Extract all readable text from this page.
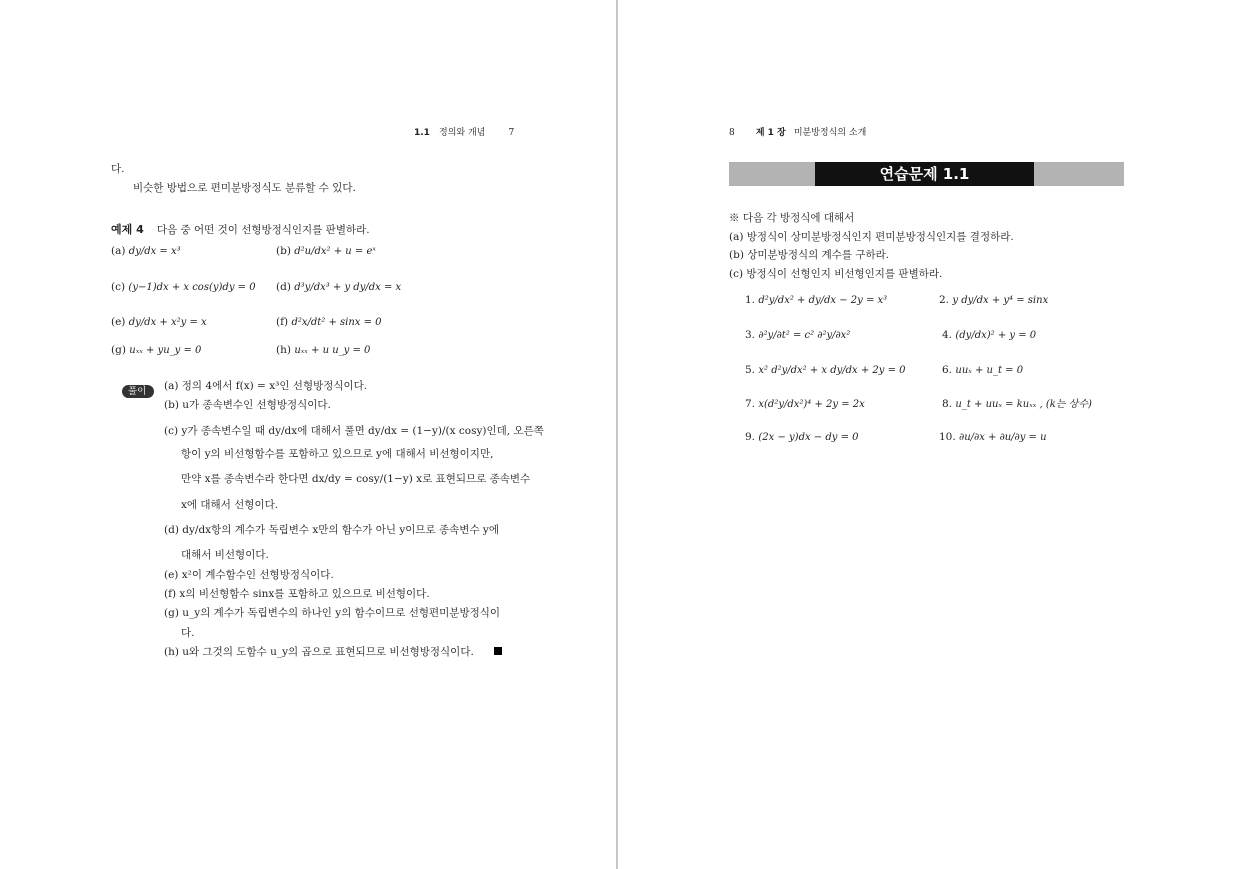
1.1 정의와 개념	7
다.
비슷한 방법으로 편미분방정식도 분류할 수 있다.
예제 4 다음 중 어떤 것이 선형방정식인지를 판별하라.
(a) dy/dx = x³	(b) d²u/dx² + u = eˣ
(c) (y−1)dx + x cos(y)dy = 0 (d) d³y/dx³ + y dy/dx = x
(e) dy/dx + x²y = x	(f) d²x/dt² + sinx = 0
(g) uₓₓ + yu_y = 0	(h) uₓₓ + u u_y = 0
풀이	(a) 정의 4에서 f(x) = x³인 선형방정식이다.
(b) u가 종속변수인 선형방정식이다.
(c) y가 종속변수일 때 dy/dx에 대해서 풀면 dy/dx = (1−y)/(x cosy)인데, 오른쪽
항이 y의 비선형함수를 포함하고 있으므로 y에 대해서 비선형이지만,
만약 x를 종속변수라 한다면 dx/dy = cosy/(1−y) x로 표현되므로 종속변수
x에 대해서 선형이다.
(d) dy/dx항의 계수가 독립변수 x만의 함수가 아닌 y이므로 종속변수 y에
대해서 비선형이다.
(e) x²이 계수함수인 선형방정식이다.
(f) x의 비선형함수 sinx를 포함하고 있으므로 비선형이다.
(g) u_y의 계수가 독립변수의 하나인 y의 함수이므로 선형편미분방정식이
다.
(h) u와 그것의 도함수 u_y의 곱으로 표현되므로 비선형방정식이다.
8 제 1 장 미분방정식의 소개
연습문제 1.1
※ 다음 각 방정식에 대해서
(a) 방정식이 상미분방정식인지 편미분방정식인지를 결정하라.
(b) 상미분방정식의 계수를 구하라.
(c) 방정식이 선형인지 비선형인지를 판별하라.
1. d²y/dx² + dy/dx − 2y = x³	2. y dy/dx + y⁴ = sinx
3. ∂²y/∂t² = c² ∂²y/∂x²	4. (dy/dx)² + y = 0
5. x² d²y/dx² + x dy/dx + 2y = 0	6. uuₓ + u_t = 0
7. x(d²y/dx²)⁴ + 2y = 2x	8. u_t + uuₓ = kuₓₓ , (k는 상수)
9. (2x − y)dx − dy = 0	10. ∂u/∂x + ∂u/∂y = u
